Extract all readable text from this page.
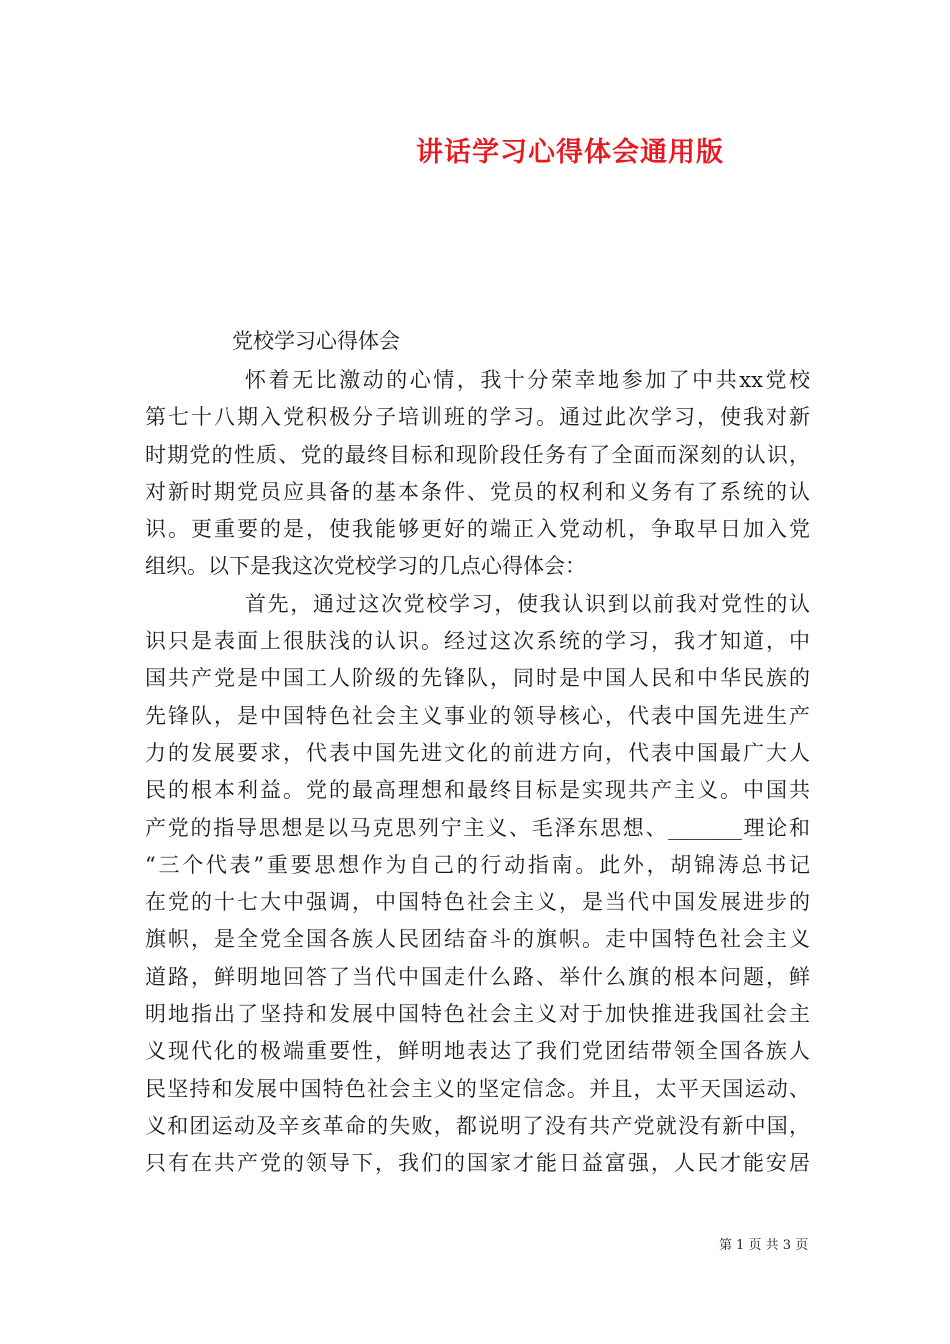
讲话学习心得体会通用版
党校学习心得体会
怀着无比激动的心情，我十分荣幸地参加了中共xx党校
第七十八期入党积极分子培训班的学习。通过此次学习，使我对新
时期党的性质、党的最终目标和现阶段任务有了全面而深刻的认识，
对新时期党员应具备的基本条件、党员的权利和义务有了系统的认
识。更重要的是，使我能够更好的端正入党动机，争取早日加入党
组织。以下是我这次党校学习的几点心得体会：
首先，通过这次党校学习，使我认识到以前我对党性的认
识只是表面上很肤浅的认识。经过这次系统的学习，我才知道，中
国共产党是中国工人阶级的先锋队，同时是中国人民和中华民族的
先锋队，是中国特色社会主义事业的领导核心，代表中国先进生产
力的发展要求，代表中国先进文化的前进方向，代表中国最广大人
民的根本利益。党的最高理想和最终目标是实现共产主义。中国共
产党的指导思想是以马克思列宁主义、毛泽东思想、_______理论和
“三个代表”重要思想作为自己的行动指南。此外，胡锦涛总书记
在党的十七大中强调，中国特色社会主义，是当代中国发展进步的
旗帜，是全党全国各族人民团结奋斗的旗帜。走中国特色社会主义
道路，鲜明地回答了当代中国走什么路、举什么旗的根本问题，鲜
明地指出了坚持和发展中国特色社会主义对于加快推进我国社会主
义现代化的极端重要性，鲜明地表达了我们党团结带领全国各族人
民坚持和发展中国特色社会主义的坚定信念。并且，太平天国运动、
义和团运动及辛亥革命的失败，都说明了没有共产党就没有新中国，
只有在共产党的领导下，我们的国家才能日益富强，人民才能安居
第 1 页 共 3 页
